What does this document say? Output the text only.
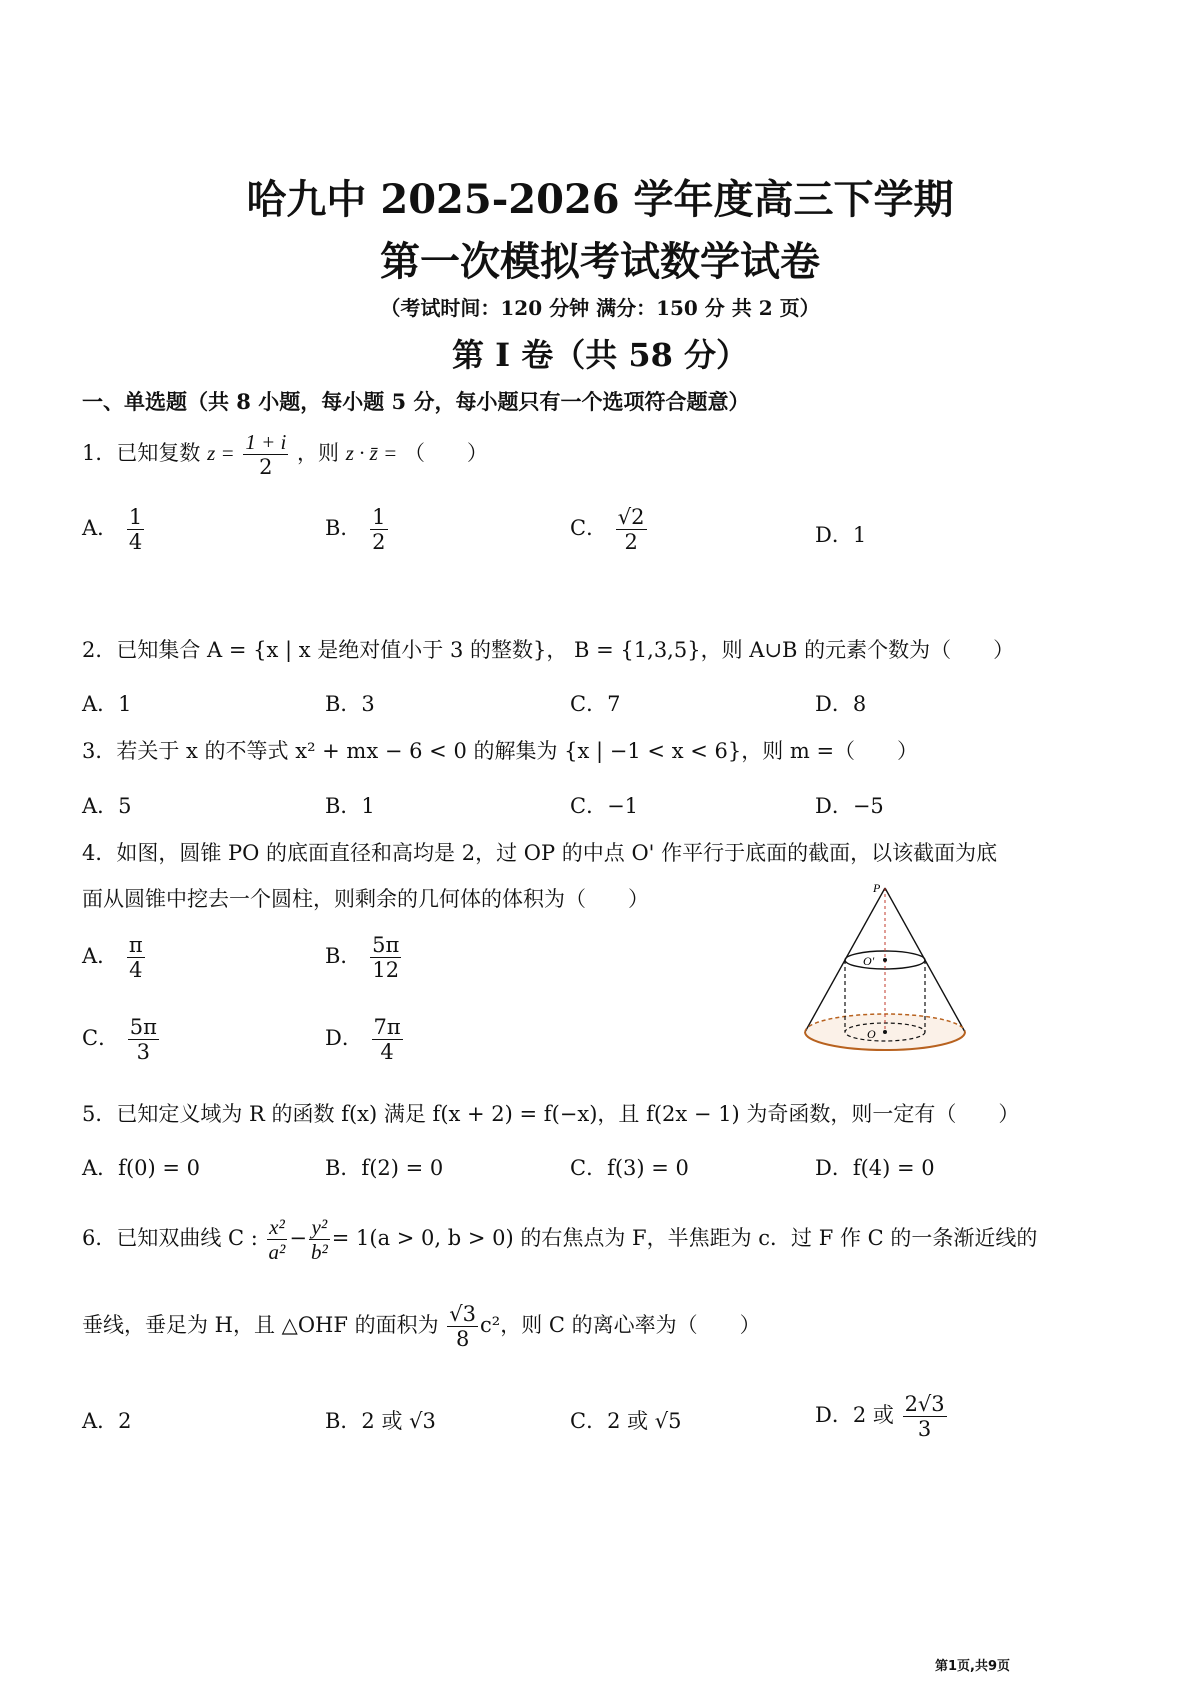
哈九中 2025-2026 学年度高三下学期
第一次模拟考试数学试卷
（考试时间：120 分钟 满分：150 分 共 2 页）
第 I 卷（共 58 分）
一、单选题（共 8 小题，每小题 5 分，每小题只有一个选项符合题意）
1．已知复数 $z = \frac{1 + i}{2}$ ，则 z · z̄ = （　　）
A． $\frac{1}{4}$	B． $\frac{1}{2}$	C． $\frac{√2}{2}$	D．1
2．已知集合 A = {x | x 是绝对值小于 3 的整数}， B = {1,3,5}，则 A∪B 的元素个数为（　　）
A．1	B．3	C．7	D．8
3．若关于 x 的不等式 x² + mx − 6 < 0 的解集为 {x | −1 < x < 6}，则 m =（　　）
A．5	B．1	C．−1	D．−5
4．如图，圆锥 PO 的底面直径和高均是 2，过 OP 的中点 O' 作平行于底面的截面，以该截面为底
面从圆锥中挖去一个圆柱，则剩余的几何体的体积为（　　）
A． $\frac{\pi}{4}$	B． $\frac{5\pi}{12}$
C． $\frac{5\pi}{3}$	D． $\frac{7\pi}{4}$
P
O'
O
5．已知定义域为 R 的函数 f(x) 满足 f(x + 2) = f(−x)，且 f(2x − 1) 为奇函数，则一定有（　　）
A．f(0) = 0	B．f(2) = 0	C．f(3) = 0	D．f(4) = 0
6．已知双曲线 C : $\frac{\text{x²}}{\text{a²}} - \frac{\text{y²}}{\text{b²}} = 1(a > 0$, b > 0) 的右焦点为 F，半焦距为 c．过 F 作 C 的一条渐近线的
垂线，垂足为 H，且 △OHF 的面积为 $\frac{√3}{8} c^2$，则 C 的离心率为（　　）
A．2	B．2 或 √3	C．2 或 √5	D．2 或 $\frac{2√3}{3}$
第1页,共9页
